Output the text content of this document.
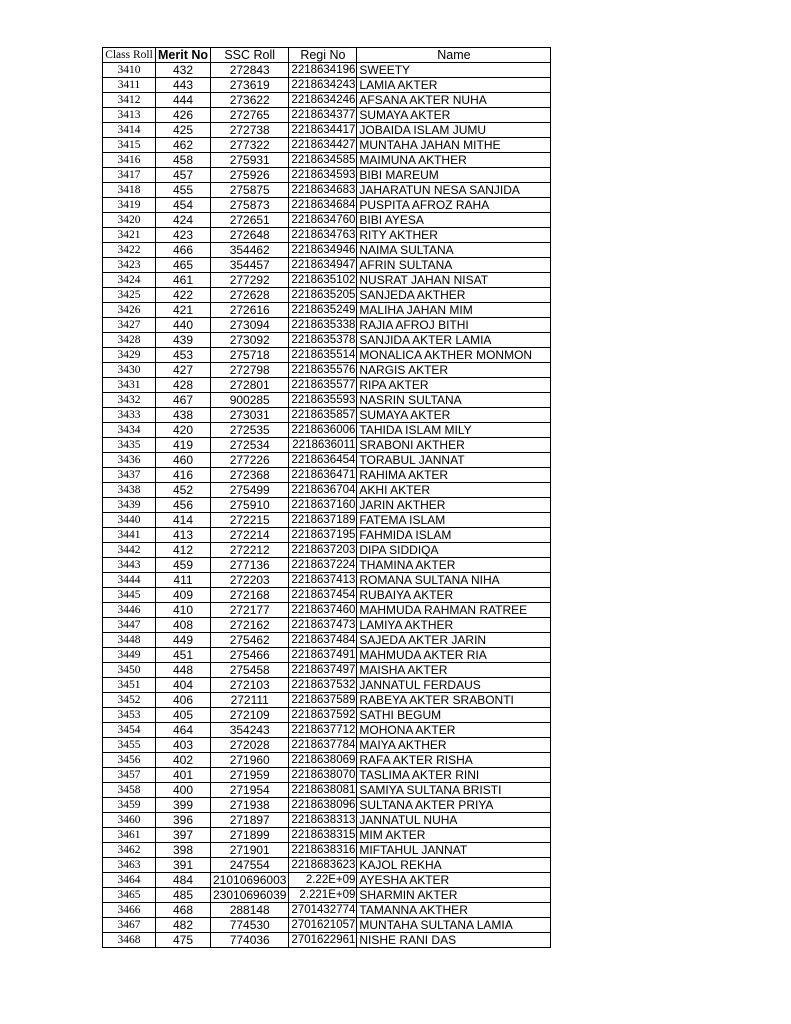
Class Roll	Merit No	SSC Roll	Regi No	Name
3410	432	272843	2218634196	SWEETY
3411	443	273619	2218634243	LAMIA AKTER
3412	444	273622	2218634246	AFSANA AKTER NUHA
3413	426	272765	2218634377	SUMAYA AKTER
3414	425	272738	2218634417	JOBAIDA ISLAM JUMU
3415	462	277322	2218634427	MUNTAHA JAHAN MITHE
3416	458	275931	2218634585	MAIMUNA AKTHER
3417	457	275926	2218634593	BIBI MAREUM
3418	455	275875	2218634683	JAHARATUN NESA SANJIDA
3419	454	275873	2218634684	PUSPITA AFROZ RAHA
3420	424	272651	2218634760	BIBI AYESA
3421	423	272648	2218634763	RITY AKTHER
3422	466	354462	2218634946	NAIMA SULTANA
3423	465	354457	2218634947	AFRIN SULTANA
3424	461	277292	2218635102	NUSRAT JAHAN NISAT
3425	422	272628	2218635205	SANJEDA AKTHER
3426	421	272616	2218635249	MALIHA JAHAN MIM
3427	440	273094	2218635338	RAJIA AFROJ BITHI
3428	439	273092	2218635378	SANJIDA AKTER LAMIA
3429	453	275718	2218635514	MONALICA AKTHER MONMON
3430	427	272798	2218635576	NARGIS AKTER
3431	428	272801	2218635577	RIPA AKTER
3432	467	900285	2218635593	NASRIN SULTANA
3433	438	273031	2218635857	SUMAYA AKTER
3434	420	272535	2218636006	TAHIDA ISLAM MILY
3435	419	272534	2218636011	SRABONI AKTHER
3436	460	277226	2218636454	TORABUL JANNAT
3437	416	272368	2218636471	RAHIMA AKTER
3438	452	275499	2218636704	AKHI AKTER
3439	456	275910	2218637160	JARIN AKTHER
3440	414	272215	2218637189	FATEMA ISLAM
3441	413	272214	2218637195	FAHMIDA ISLAM
3442	412	272212	2218637203	DIPA SIDDIQA
3443	459	277136	2218637224	THAMINA AKTER
3444	411	272203	2218637413	ROMANA SULTANA NIHA
3445	409	272168	2218637454	RUBAIYA AKTER
3446	410	272177	2218637460	MAHMUDA RAHMAN RATREE
3447	408	272162	2218637473	LAMIYA AKTHER
3448	449	275462	2218637484	SAJEDA AKTER JARIN
3449	451	275466	2218637491	MAHMUDA AKTER RIA
3450	448	275458	2218637497	MAISHA AKTER
3451	404	272103	2218637532	JANNATUL FERDAUS
3452	406	272111	2218637589	RABEYA AKTER SRABONTI
3453	405	272109	2218637592	SATHI BEGUM
3454	464	354243	2218637712	MOHONA AKTER
3455	403	272028	2218637784	MAIYA AKTHER
3456	402	271960	2218638069	RAFA AKTER RISHA
3457	401	271959	2218638070	TASLIMA AKTER RINI
3458	400	271954	2218638081	SAMIYA SULTANA BRISTI
3459	399	271938	2218638096	SULTANA AKTER PRIYA
3460	396	271897	2218638313	JANNATUL NUHA
3461	397	271899	2218638315	MIM AKTER
3462	398	271901	2218638316	MIFTAHUL JANNAT
3463	391	247554	2218683623	KAJOL REKHA
3464	484	21010696003	2.22E+09	AYESHA AKTER
3465	485	23010696039	2.221E+09	SHARMIN AKTER
3466	468	288148	2701432774	TAMANNA AKTHER
3467	482	774530	2701621057	MUNTAHA SULTANA LAMIA
3468	475	774036	2701622961	NISHE RANI DAS
